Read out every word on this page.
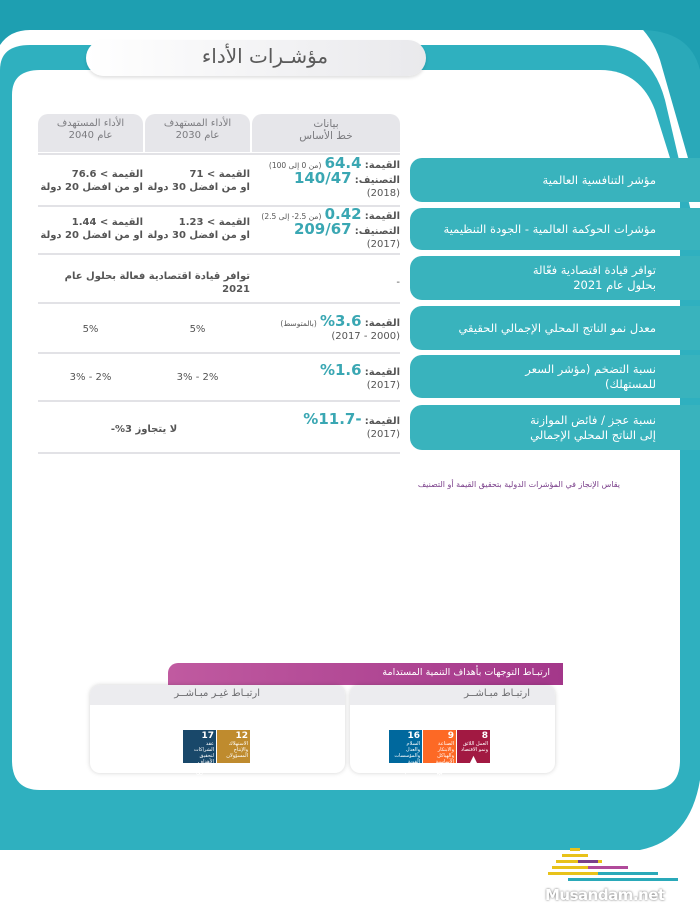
مؤشـرات الأداء
بيانات
خط الأساس
الأداء المستهدف
عام 2030
الأداء المستهدف
عام 2040
مؤشر التنافسية العالمية
مؤشرات الحوكمة العالمية - الجودة التنظيمية
توافر قيادة اقتصادية فعّالة
بحلول عام 2021
معدل نمو الناتج المحلي الإجمالي الحقيقي
نسبة التضخم (مؤشر السعر
للمستهلك)
نسبة عجز / فائض الموازنة
إلى الناتج المحلي الإجمالي
القيمة: 64.4 (من 0 إلى 100)
التصنيف: 140/47
(2018)
القيمة > 71
او من افضل 30 دولة
القيمة > 76.6
او من افضل 20 دولة
القيمة: 0.42 (من 2.5- إلى 2.5)
التصنيف: 209/67
(2017)
القيمة > 1.23
او من افضل 30 دولة
القيمة > 1.44
او من افضل 20 دولة
-
توافر قيادة اقتصادية فعالة بحلول عام 2021
القيمة: 3.6% (بالمتوسط)
(2000 - 2017)
5%
5%
القيمة: 1.6%
(2017)
2% - 3%
2% - 3%
القيمة: -11.7%
(2017)
لا يتجاوز 3%-
يقاس الإنجاز في المؤشرات الدولية بتحقيق القيمة أو التصنيف
ارتبـاط التوجهات بأهداف التنمية المستدامة
ارتبـاط مبـاشــر
ارتبـاط غيـر مبـاشــر
8
العمل اللائق ونمو الاقتصاد
▲
9
الصناعة والابتكار والهياكل الأساسية
⚙
16
السلام والعدل والمؤسسات القوية
✦
12
الاستهلاك والإنتاج المسؤولان
∞
17
عقد الشراكات لتحقيق الأهداف
❀
Musandam.net
